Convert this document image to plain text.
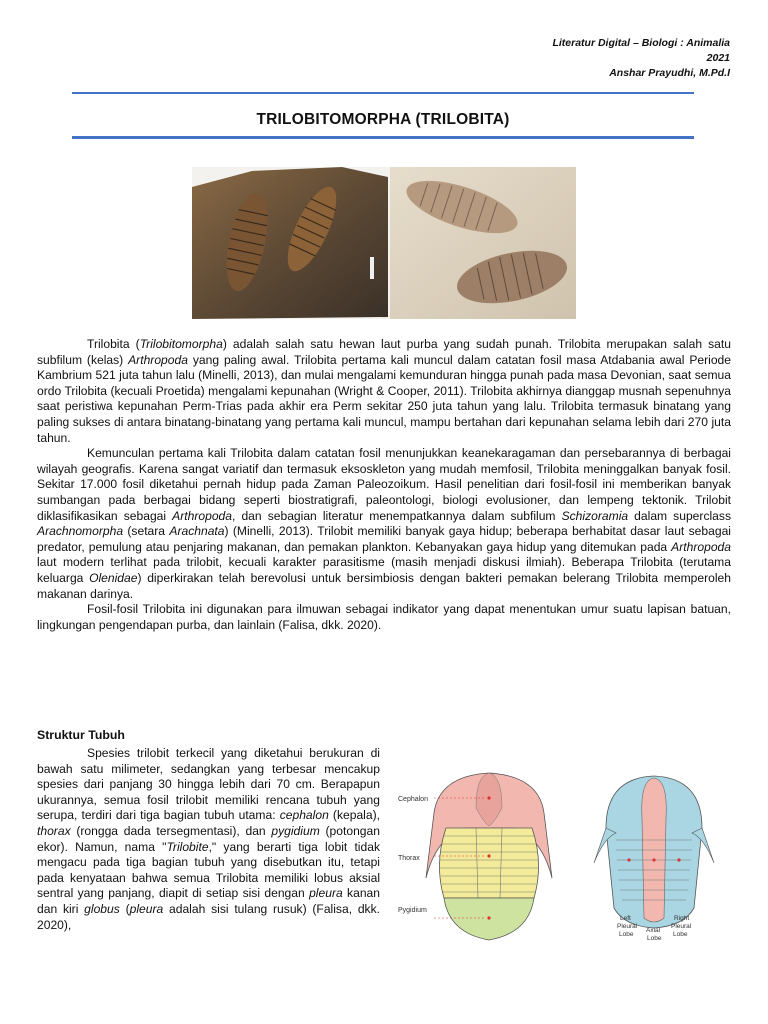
Literatur Digital – Biologi : Animalia
2021
Anshar Prayudhi, M.Pd.I
TRILOBITOMORPHA (TRILOBITA)

Trilobita (Trilobitomorpha) adalah salah satu hewan laut purba yang sudah punah. Trilobita merupakan salah satu subfilum (kelas) Arthropoda yang paling awal. Trilobita pertama kali muncul dalam catatan fosil masa Atdabania awal Periode Kambrium 521 juta tahun lalu (Minelli, 2013), dan mulai mengalami kemunduran hingga punah pada masa Devonian, saat semua ordo Trilobita (kecuali Proetida) mengalami kepunahan (Wright & Cooper, 2011). Trilobita akhirnya dianggap musnah sepenuhnya saat peristiwa kepunahan Perm-Trias pada akhir era Perm sekitar 250 juta tahun yang lalu. Trilobita termasuk binatang yang paling sukses di antara binatang-binatang yang pertama kali muncul, mampu bertahan dari kepunahan selama lebih dari 270 juta tahun.

Kemunculan pertama kali Trilobita dalam catatan fosil menunjukkan keanekaragaman dan persebarannya di berbagai wilayah geografis. Karena sangat variatif dan termasuk eksoskleton yang mudah memfosil, Trilobita meninggalkan banyak fosil. Sekitar 17.000 fosil diketahui pernah hidup pada Zaman Paleozoikum. Hasil penelitian dari fosil-fosil ini memberikan banyak sumbangan pada berbagai bidang seperti biostratigrafi, paleontologi, biologi evolusioner, dan lempeng tektonik. Trilobit diklasifikasikan sebagai Arthropoda, dan sebagian literatur menempatkannya dalam subfilum Schizoramia dalam superclass Arachnomorpha (setara Arachnata) (Minelli, 2013). Trilobit memiliki banyak gaya hidup; beberapa berhabitat dasar laut sebagai predator, pemulung atau penjaring makanan, dan pemakan plankton. Kebanyakan gaya hidup yang ditemukan pada Arthropoda laut modern terlihat pada trilobit, kecuali karakter parasitisme (masih menjadi diskusi ilmiah). Beberapa Trilobita (terutama keluarga Olenidae) diperkirakan telah berevolusi untuk bersimbiosis dengan bakteri pemakan belerang Trilobita memperoleh makanan darinya.

Fosil-fosil Trilobita ini digunakan para ilmuwan sebagai indikator yang dapat menentukan umur suatu lapisan batuan, lingkungan pengendapan purba, dan lainlain (Falisa, dkk. 2020).

Struktur Tubuh

Spesies trilobit terkecil yang diketahui berukuran di bawah satu milimeter, sedangkan yang terbesar mencakup spesies dari panjang 30 hingga lebih dari 70 cm. Berapapun ukurannya, semua fosil trilobit memiliki rencana tubuh yang serupa, terdiri dari tiga bagian tubuh utama: cephalon (kepala), thorax (rongga dada tersegmentasi), dan pygidium (potongan ekor). Namun, nama "Trilobite," yang berarti tiga lobit tidak mengacu pada tiga bagian tubuh yang disebutkan itu, tetapi pada kenyataan bahwa semua Trilobita memiliki lobus aksial sentral yang panjang, diapit di setiap sisi dengan pleura kanan dan kiri globus (pleura adalah sisi tulang rusuk) (Falisa, dkk. 2020),

Cephalon
Thorax
Pygidium
Left
Pleural
Lobe
Axial
Lobe
Right
Pleural
Lobe
